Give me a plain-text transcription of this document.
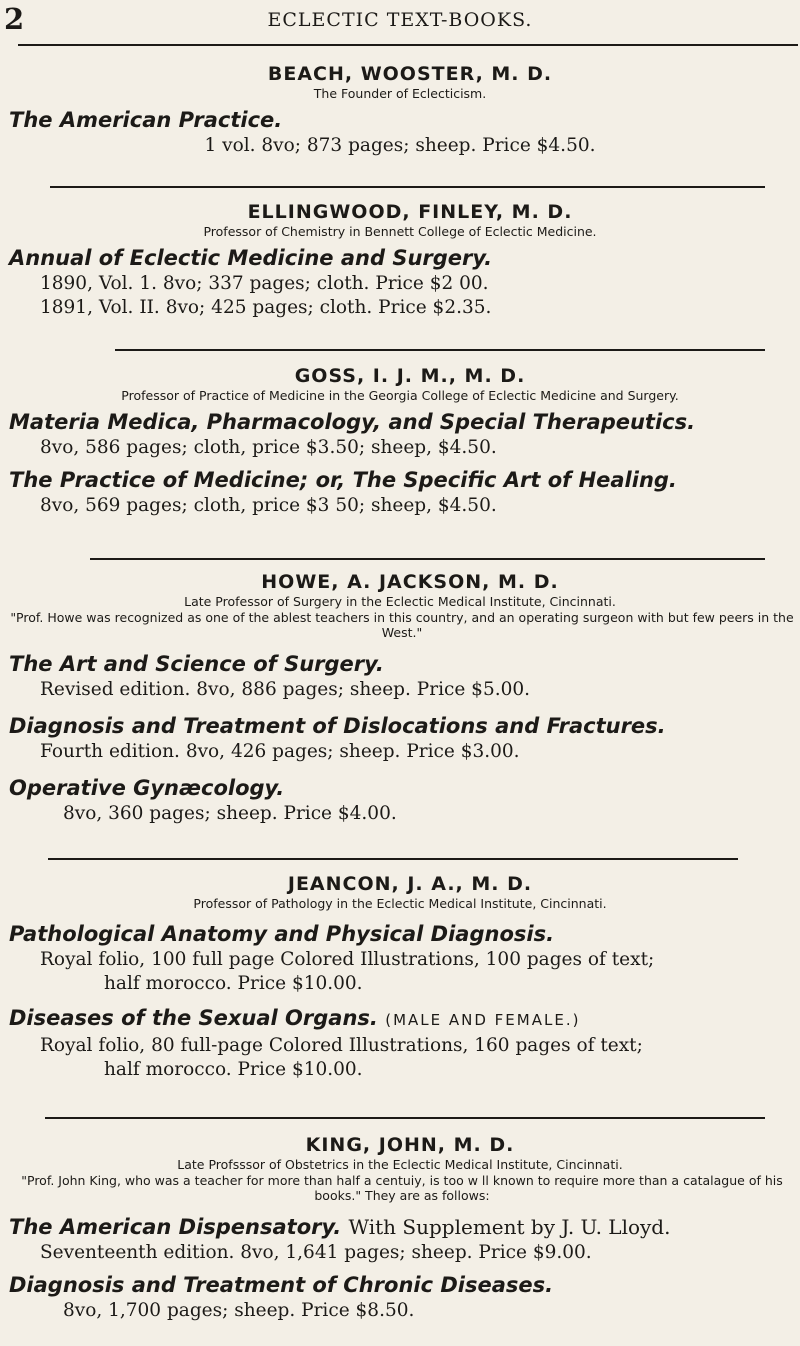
2	ECLECTIC TEXT-BOOKS.
BEACH, WOOSTER, M. D.
The Founder of Eclecticism.
The American Practice.
1 vol. 8vo; 873 pages; sheep. Price $4.50.
ELLINGWOOD, FINLEY, M. D.
Professor of Chemistry in Bennett College of Eclectic Medicine.
Annual of Eclectic Medicine and Surgery.
1890, Vol. 1. 8vo; 337 pages; cloth. Price $2 00.
1891, Vol. II. 8vo; 425 pages; cloth. Price $2.35.
GOSS, I. J. M., M. D.
Professor of Practice of Medicine in the Georgia College of Eclectic Medicine and Surgery.
Materia Medica, Pharmacology, and Special Therapeutics.
8vo, 586 pages; cloth, price $3.50; sheep, $4.50.
The Practice of Medicine; or, The Specific Art of Healing.
8vo, 569 pages; cloth, price $3 50; sheep, $4.50.
HOWE, A. JACKSON, M. D.
Late Professor of Surgery in the Eclectic Medical Institute, Cincinnati.
"Prof. Howe was recognized as one of the ablest teachers in this country, and an operating surgeon with but few peers in the West."
The Art and Science of Surgery.
Revised edition. 8vo, 886 pages; sheep. Price $5.00.
Diagnosis and Treatment of Dislocations and Fractures.
Fourth edition. 8vo, 426 pages; sheep. Price $3.00.
Operative Gynæcology.
8vo, 360 pages; sheep. Price $4.00.
JEANCON, J. A., M. D.
Professor of Pathology in the Eclectic Medical Institute, Cincinnati.
Pathological Anatomy and Physical Diagnosis.
Royal folio, 100 full page Colored Illustrations, 100 pages of text;
half morocco. Price $10.00.
Diseases of the Sexual Organs. (MALE AND FEMALE.)
Royal folio, 80 full-page Colored Illustrations, 160 pages of text;
half morocco. Price $10.00.
KING, JOHN, M. D.
Late Profsssor of Obstetrics in the Eclectic Medical Institute, Cincinnati.
"Prof. John King, who was a teacher for more than half a centuiy, is too w ll known to require more than a catalague of his books." They are as follows:
The American Dispensatory. With Supplement by J. U. Lloyd.
Seventeenth edition. 8vo, 1,641 pages; sheep. Price $9.00.
Diagnosis and Treatment of Chronic Diseases.
8vo, 1,700 pages; sheep. Price $8.50.
